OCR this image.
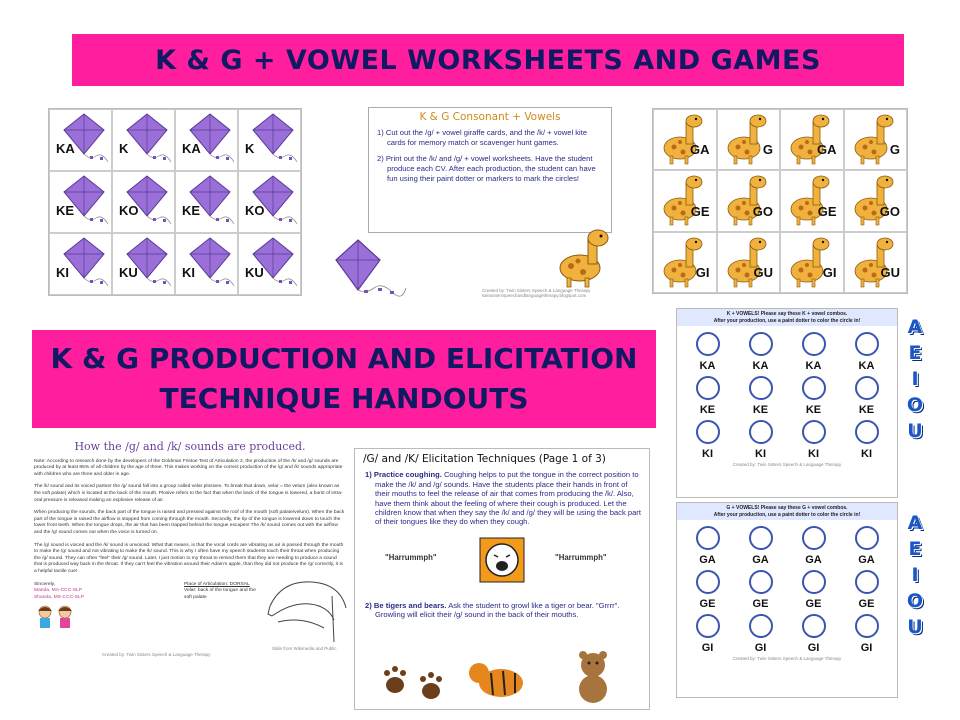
K & G + VOWEL WORKSHEETS AND GAMES
KA	K	KA	K
KE	KO	KE	KO
KI	KU	KI	KU
K & G Consonant + Vowels
1) Cut out the /g/ + vowel giraffe cards, and the /k/ + vowel kite cards for memory match or scavenger hunt games.
2) Print out the /k/ and /g/ + vowel worksheets. Have the student produce each CV. After each production, the student can have fun using their paint dotter or markers to mark the circles!
Created by: Twin Sisters Speech & Language Therapy
twinsistersspeechandlanguagetherapy.blogspot.com
GA	G	GA	G
GE	GO	GE	GO
GI	GU	GI	GU
K & G PRODUCTION AND ELICITATION TECHNIQUE HANDOUTS
How the /g/ and /k/ sounds are produced.

Note: According to research done by the developers of the Goldman Fristoe Test of Articulation 2, the production of the /k/ and /g/ sounds are produced by at least 85% of all children by the age of three. This makes working on the correct production of the /g/ and /k/ sounds appropriate with children who are three and older in age.

The /k/ sound and its voiced partner the /g/ sound fall into a group called velar plosives. To break that down, velar = the velum (also known as the soft palate) which is located at the back of the mouth. Plosive refers to the fact that when the back of the tongue is lowered, a burst of intra-oral pressure is released making an explosive release of air.

When producing the sounds, the back part of the tongue is raised and pressed against the roof of the mouth (soft palate/velum). When the back part of the tongue is raised the airflow is stopped from coming through the mouth. Secondly, the tip of the tongue is lowered down to touch the lower front teeth. When the tongue drops, the air that has been trapped behind the tongue escapes! The /k/ sound comes out with the airflow and the /g/ sound comes out when the voice is turned on.

The /g/ sound is voiced and the /k/ sound is unvoiced. What that means, is that the vocal cords are vibrating as air is passed through the mouth to make the /g/ sound and not vibrating to make the /k/ sound. This is why I often have my speech students touch their throat when producing the /g/ sound. They can often "feel" their /g/ sound. Later, I just motion to my throat to remind them that they are needing to produce a sound that is produced way back in the throat. If they can't feel the vibration around their Adam's apple, than they did not produce the /g/ correctly, it is a helpful tactile cue!

Sincerely,
Manda, MA-CCC-SLP
Shanda, MS-CCC-SLP
Place of Articulation: DORSAL
Velar: back of the tongue and the soft palate
Slide from Wikimedia and Public
Created by: Twin Sisters Speech & Language Therapy
/G/ and /K/ Elicitation Techniques (Page 1 of 3)
1) Practice coughing. Coughing helps to put the tongue in the correct position to make the /k/ and /g/ sounds. Have the students place their hands in front of their mouths to feel the release of air that comes from producing the /k/. Also, have them think about the feeling of where their cough is produced. Let the children know that when they say the /k/ and /g/ they will be using the back part of their tongues like they do when they cough.
"Harrummph"	"Harrummph"
2) Be tigers and bears. Ask the student to growl like a tiger or bear. "Grrrr". Growling will elicit their /g/ sound in the back of their mouths.
K + VOWELS! Please say these K + vowel combos.
After your production, use a paint dotter to color the circle in!
KA	KA	KA	KA
KE	KE	KE	KE
KI	KI	KI	KI
Created by: Twin Sisters Speech & Language Therapy
A
E
I
O
U
G + VOWELS! Please say these G + vowel combos.
After your production, use a paint dotter to color the circle in!
GA	GA	GA	GA
GE	GE	GE	GE
GI	GI	GI	GI
Created by: Twin Sisters Speech & Language Therapy
A
E
I
O
U
